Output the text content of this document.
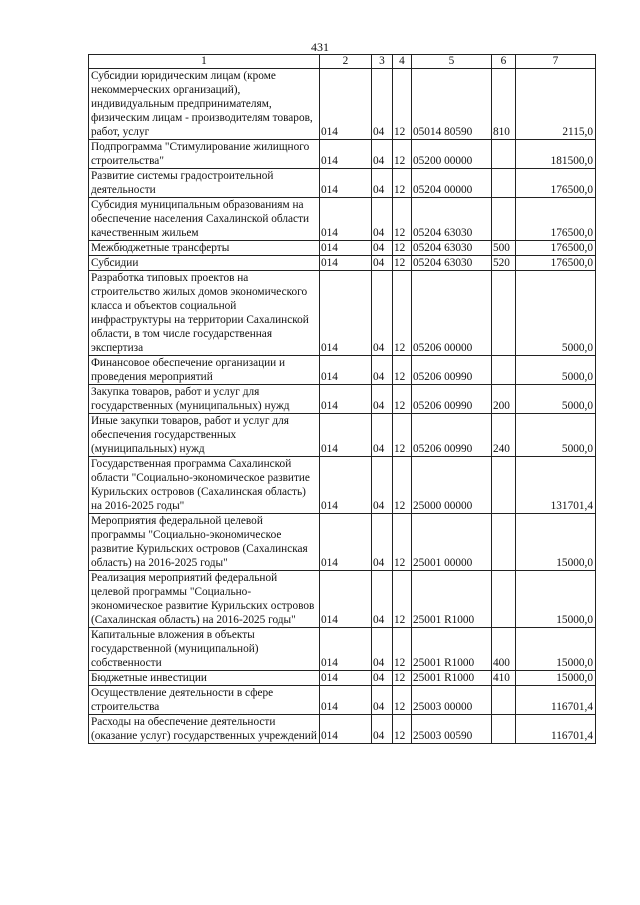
431
1	2	3	4	5	6	7
Субсидии юридическим лицам (кроме некоммерческих организаций), индивидуальным предпринимателям, физическим лицам - производителям товаров, работ, услуг	014	04	12	05014 80590	810	2115,0
Подпрограмма "Стимулирование жилищного строительства"	014	04	12	05200 00000		181500,0
Развитие системы градостроительной деятельности	014	04	12	05204 00000		176500,0
Субсидия муниципальным образованиям на обеспечение населения Сахалинской области качественным жильем	014	04	12	05204 63030		176500,0
Межбюджетные трансферты	014	04	12	05204 63030	500	176500,0
Субсидии	014	04	12	05204 63030	520	176500,0
Разработка типовых проектов на строительство жилых домов экономического класса и объектов социальной инфраструктуры на территории Сахалинской области, в том числе государственная экспертиза	014	04	12	05206 00000		5000,0
Финансовое обеспечение организации и проведения мероприятий	014	04	12	05206 00990		5000,0
Закупка товаров, работ и услуг для государственных (муниципальных) нужд	014	04	12	05206 00990	200	5000,0
Иные закупки товаров, работ и услуг для обеспечения государственных (муниципальных) нужд	014	04	12	05206 00990	240	5000,0
Государственная программа Сахалинской области "Социально-экономическое развитие Курильских островов (Сахалинская область) на 2016-2025 годы"	014	04	12	25000 00000		131701,4
Мероприятия федеральной целевой программы "Социально-экономическое развитие Курильских островов (Сахалинская область) на 2016-2025 годы"	014	04	12	25001 00000		15000,0
Реализация мероприятий федеральной целевой программы "Социально-экономическое развитие Курильских островов (Сахалинская область) на 2016-2025 годы"	014	04	12	25001 R1000		15000,0
Капитальные вложения в объекты государственной (муниципальной) собственности	014	04	12	25001 R1000	400	15000,0
Бюджетные инвестиции	014	04	12	25001 R1000	410	15000,0
Осуществление деятельности в сфере строительства	014	04	12	25003 00000		116701,4
Расходы на обеспечение деятельности (оказание услуг) государственных учреждений	014	04	12	25003 00590		116701,4
